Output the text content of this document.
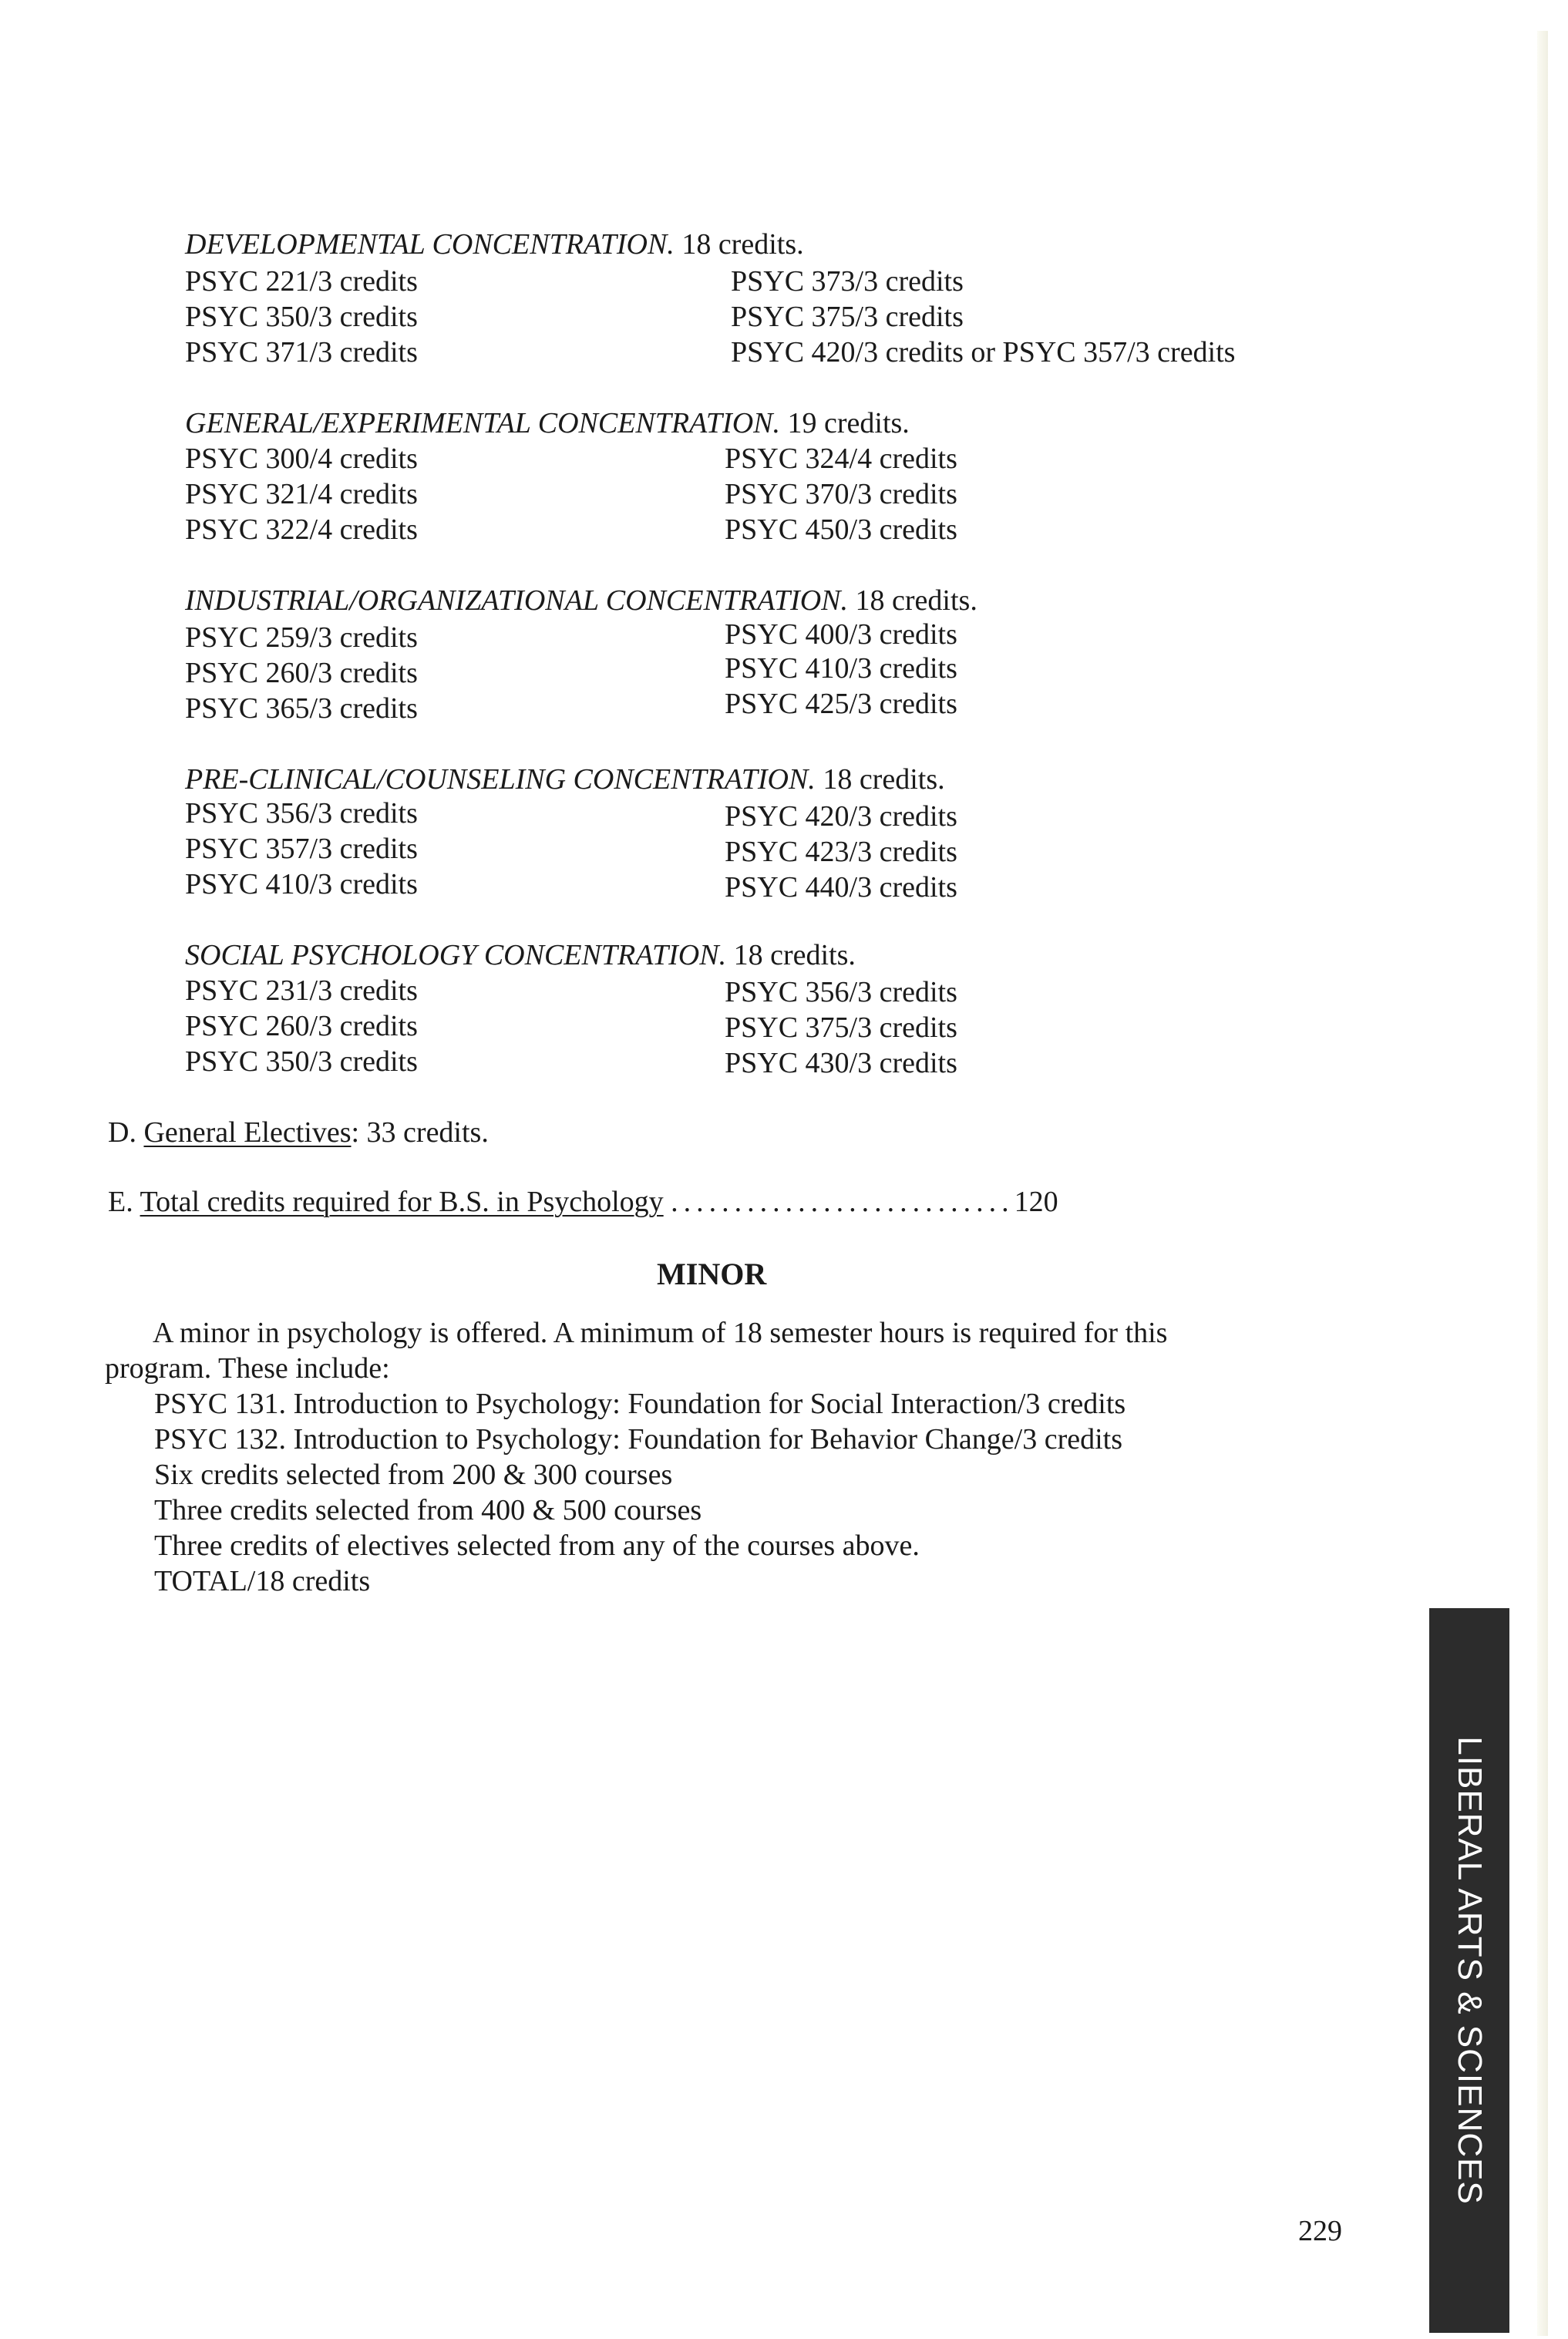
DEVELOPMENTAL CONCENTRATION. 18 credits.
PSYC 221/3 credits	PSYC 373/3 credits
PSYC 350/3 credits	PSYC 375/3 credits
PSYC 371/3 credits	PSYC 420/3 credits or PSYC 357/3 credits
GENERAL/EXPERIMENTAL CONCENTRATION. 19 credits.
PSYC 300/4 credits	PSYC 324/4 credits
PSYC 321/4 credits	PSYC 370/3 credits
PSYC 322/4 credits	PSYC 450/3 credits
INDUSTRIAL/ORGANIZATIONAL CONCENTRATION. 18 credits.
PSYC 259/3 credits	PSYC 400/3 credits
PSYC 260/3 credits	PSYC 410/3 credits
PSYC 365/3 credits	PSYC 425/3 credits
PRE-CLINICAL/COUNSELING CONCENTRATION. 18 credits.
PSYC 356/3 credits	PSYC 420/3 credits
PSYC 357/3 credits	PSYC 423/3 credits
PSYC 410/3 credits	PSYC 440/3 credits
SOCIAL PSYCHOLOGY CONCENTRATION. 18 credits.
PSYC 231/3 credits	PSYC 356/3 credits
PSYC 260/3 credits	PSYC 375/3 credits
PSYC 350/3 credits	PSYC 430/3 credits
D. General Electives: 33 credits.
E. Total credits required for B.S. in Psychology ...........................120
MINOR
A minor in psychology is offered. A minimum of 18 semester hours is required for this
program. These include:
PSYC 131. Introduction to Psychology: Foundation for Social Interaction/3 credits
PSYC 132. Introduction to Psychology: Foundation for Behavior Change/3 credits
Six credits selected from 200 & 300 courses
Three credits selected from 400 & 500 courses
Three credits of electives selected from any of the courses above.
TOTAL/18 credits
229
LIBERAL ARTS & SCIENCES
